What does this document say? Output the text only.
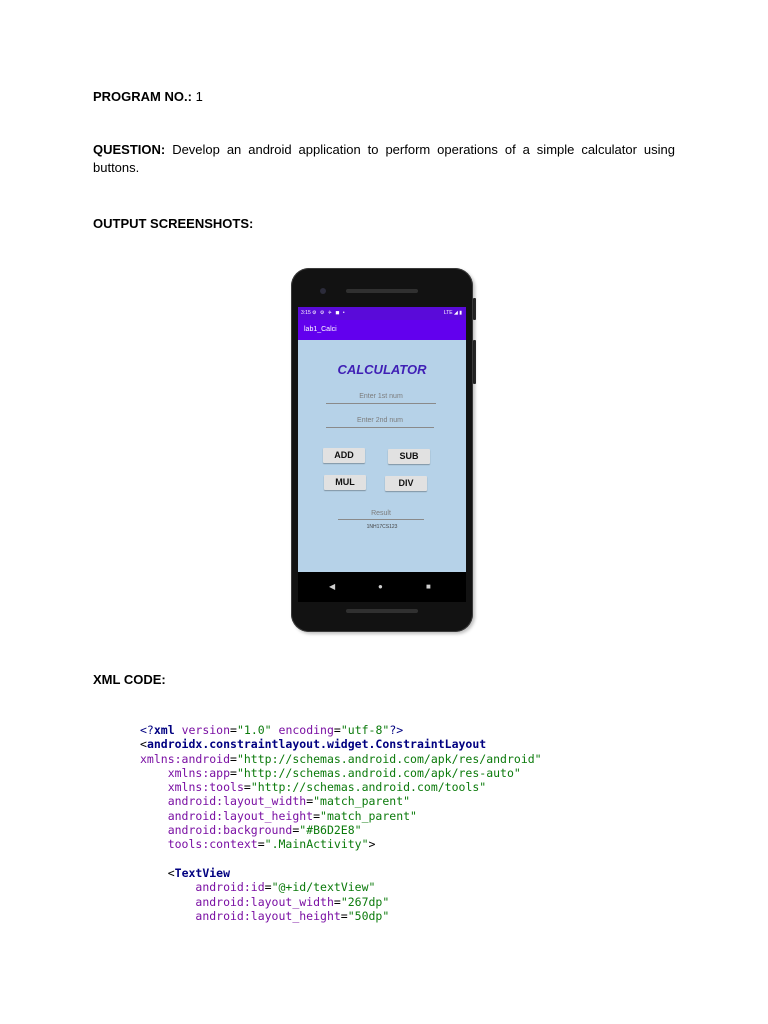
PROGRAM NO.: 1
QUESTION: Develop an android application to perform operations of a simple calculator using buttons.
OUTPUT SCREENSHOTS:
3:15 ⚙ ⚙ ✈ ◼ •	LTE ◢ ▮
lab1_Calci
CALCULATOR
Enter 1st num
Enter 2nd num
ADD	SUB
MUL	DIV
Result
1NH17CS123
◀	●	■
XML CODE:
<?xml version="1.0" encoding="utf-8"?>
<androidx.constraintlayout.widget.ConstraintLayout
xmlns:android="http://schemas.android.com/apk/res/android"
xmlns:app="http://schemas.android.com/apk/res-auto"
xmlns:tools="http://schemas.android.com/tools"
android:layout_width="match_parent"
android:layout_height="match_parent"
android:background="#B6D2E8"
tools:context=".MainActivity">

<TextView
android:id="@+id/textView"
android:layout_width="267dp"
android:layout_height="50dp"
